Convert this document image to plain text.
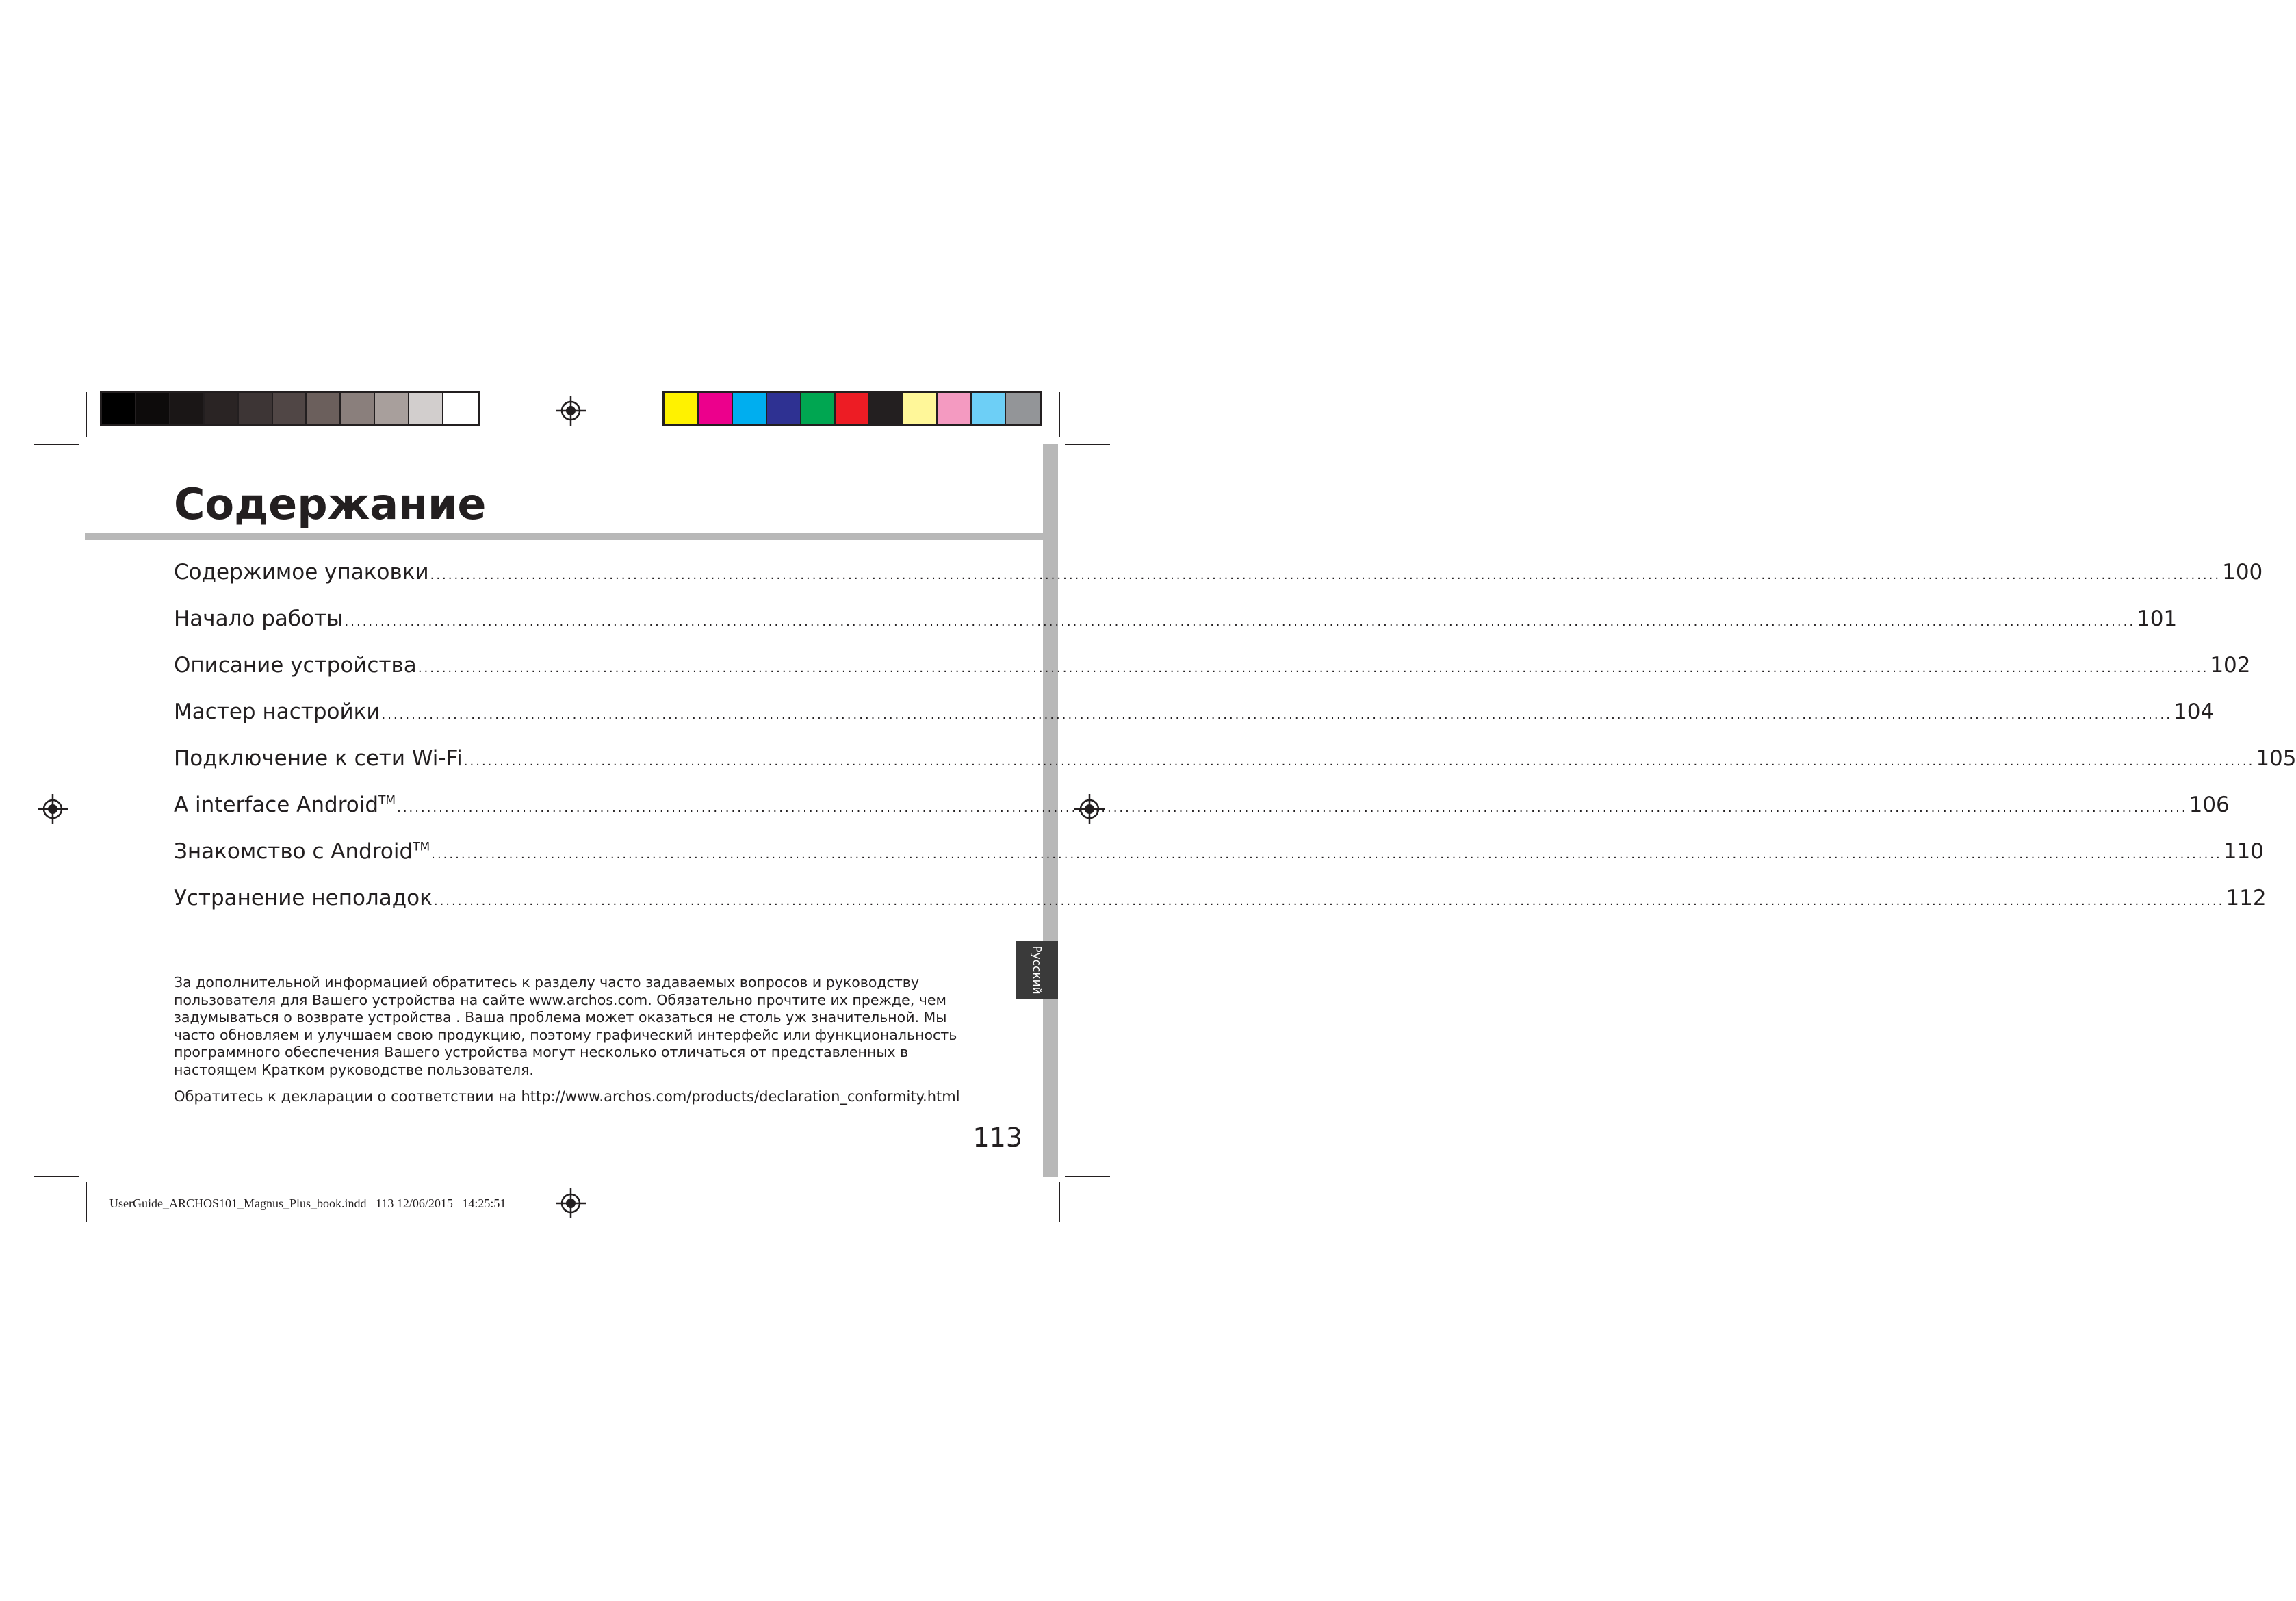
Русский
Содержание
Содержимое упаковки ............................................................................................................................................................................................................................................................................................................ 100
Начало работы ............................................................................................................................................................................................................................................................................................................ 101
Описание устройства ............................................................................................................................................................................................................................................................................................................ 102
Мастер настройки ............................................................................................................................................................................................................................................................................................................ 104
Подключение к сети Wi-Fi ............................................................................................................................................................................................................................................................................................................ 105
A interface Android™
............................................................................................................................................................................................................................................................................................................ 106
Знакомство с Android™
............................................................................................................................................................................................................................................................................................................ 110
Устранение неполадок ............................................................................................................................................................................................................................................................................................................ 112

За дополнительной информацией обратитесь к разделу часто задаваемых вопросов и руководству
пользователя для Вашего устройства на сайте www.archos.com. Обязательно прочтите их прежде, чем
задумываться о возврате устройства . Ваша проблема может оказаться не столь уж значительной. Мы
часто обновляем и улучшаем свою продукцию, поэтому графический интерфейс или функциональность
программного обеспечения Вашего устройства могут несколько отличаться от представленных в
настоящем Кратком руководстве пользователя.

Обратитесь к декларации о соответствии на http://www.archos.com/products/declaration_conformity.html

113
UserGuide_ARCHOS101_Magnus_Plus_book.indd   113 12/06/2015   14:25:51
